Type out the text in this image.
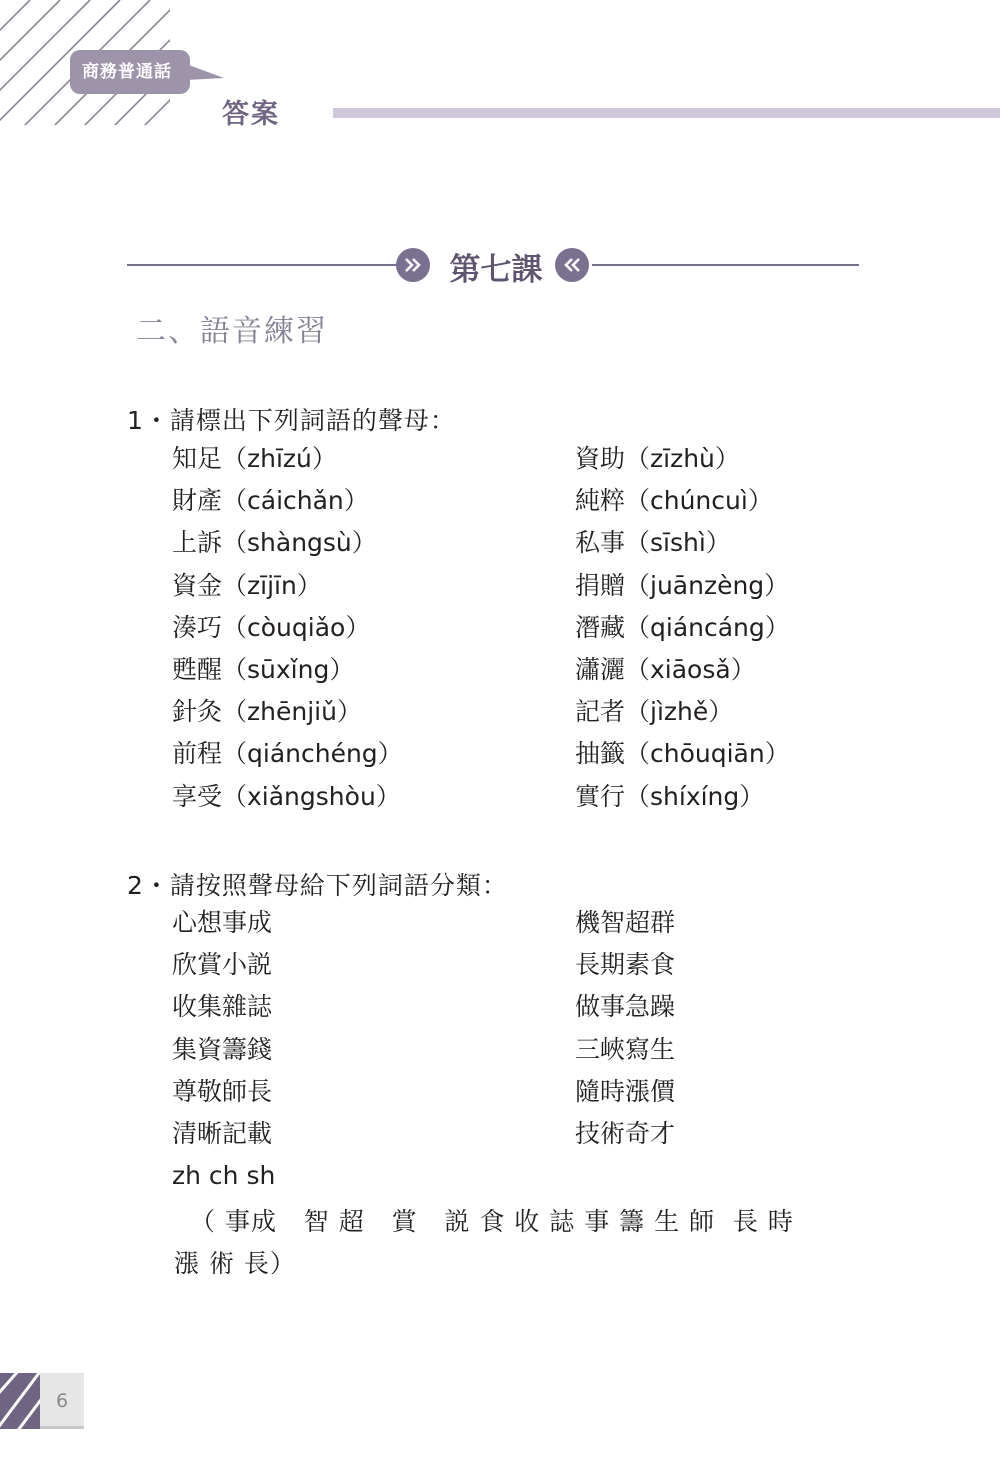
商務普通話
答案
第七課
二、語音練習
1・請標出下列詞語的聲母：
知足（zhīzú）
財產（cáichǎn）
上訴（shàngsù）
資金（zījīn）
湊巧（còuqiǎo）
甦醒（sūxǐng）
針灸（zhēnjiǔ）
前程（qiánchéng）
享受（xiǎngshòu）
資助（zīzhù）
純粹（chúncuì）
私事（sīshì）
捐贈（juānzèng）
潛藏（qiáncáng）
瀟灑（xiāosǎ）
記者（jìzhě）
抽籤（chōuqiān）
實行（shíxíng）
2・請按照聲母給下列詞語分類：
心想事成
欣賞小説
收集雜誌
集資籌錢
尊敬師長
清晰記載
機智超群
長期素食
做事急躁
三峽寫生
隨時漲價
技術奇才
zh ch sh
（ 事成   智 超   賞   説 食 收 誌 事 籌 生 師  長 時
漲 術 長）
6
